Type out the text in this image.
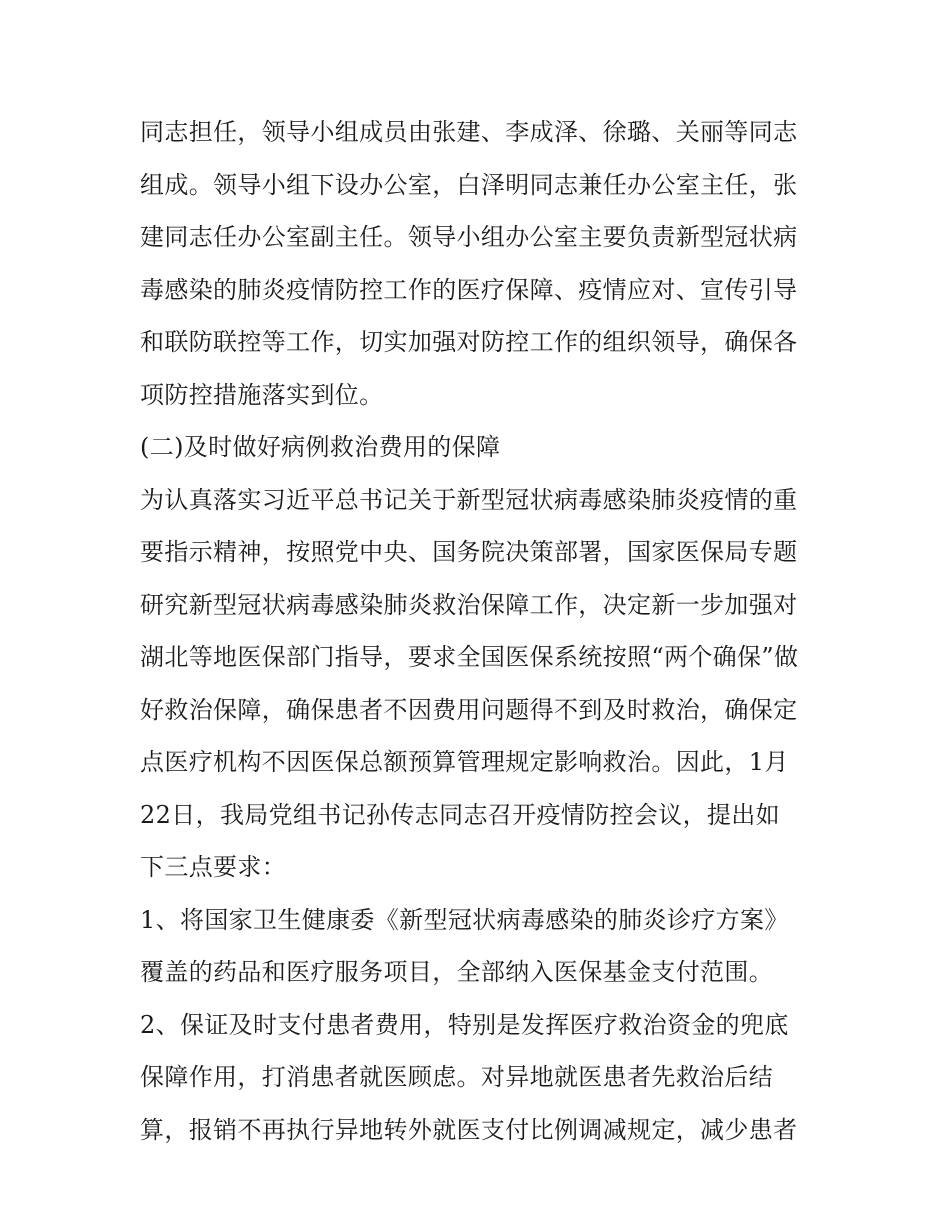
同志担任，领导小组成员由张建、李成泽、徐璐、关丽等同志
组成。领导小组下设办公室，白泽明同志兼任办公室主任，张
建同志任办公室副主任。领导小组办公室主要负责新型冠状病
毒感染的肺炎疫情防控工作的医疗保障、疫情应对、宣传引导
和联防联控等工作，切实加强对防控工作的组织领导，确保各
项防控措施落实到位。
(二)及时做好病例救治费用的保障
为认真落实习近平总书记关于新型冠状病毒感染肺炎疫情的重
要指示精神，按照党中央、国务院决策部署，国家医保局专题
研究新型冠状病毒感染肺炎救治保障工作，决定新一步加强对
湖北等地医保部门指导，要求全国医保系统按照“两个确保”做
好救治保障，确保患者不因费用问题得不到及时救治，确保定
点医疗机构不因医保总额预算管理规定影响救治。因此，1月
22日，我局党组书记孙传志同志召开疫情防控会议，提出如
下三点要求：
1、将国家卫生健康委《新型冠状病毒感染的肺炎诊疗方案》
覆盖的药品和医疗服务项目，全部纳入医保基金支付范围。
2、保证及时支付患者费用，特别是发挥医疗救治资金的兜底
保障作用，打消患者就医顾虑。对异地就医患者先救治后结
算，报销不再执行异地转外就医支付比例调减规定，减少患者
